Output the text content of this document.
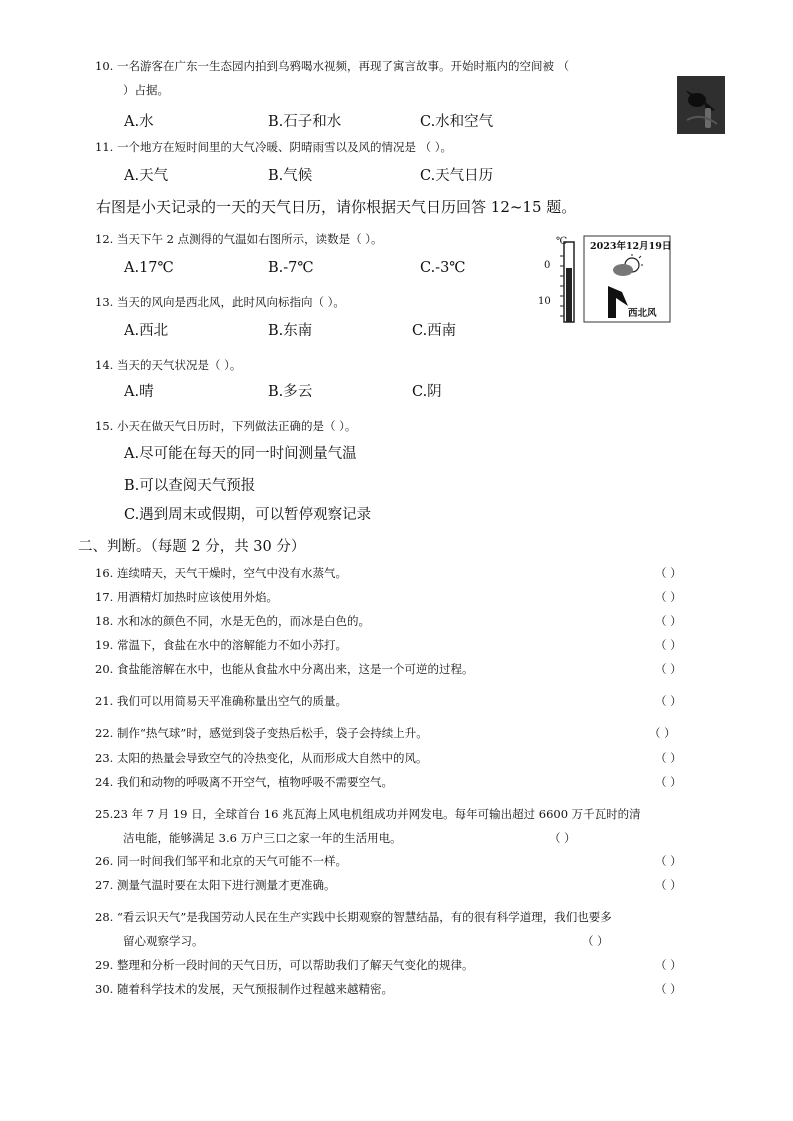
10. 一名游客在广东一生态园内拍到乌鸦喝水视频，再现了寓言故事。开始时瓶内的空间被 （
）占据。
A.水	B.石子和水	C.水和空气
11. 一个地方在短时间里的大气冷暖、阴晴雨雪以及风的情况是 （ ）。
A.天气	B.气候	C.天气日历
右图是小天记录的一天的天气日历，请你根据天气日历回答 12~15 题。
12. 当天下午 2 点测得的气温如右图所示，读数是（ ）。
A.17℃	B.-7℃	C.-3℃
℃
0
10
2023年12月19日
西北风
13. 当天的风向是西北风，此时风向标指向（ ）。
A.西北	B.东南	C.西南
14. 当天的天气状况是（ ）。
A.晴	B.多云	C.阴
15. 小天在做天气日历时，下列做法正确的是（ ）。
A.尽可能在每天的同一时间测量气温
B.可以查阅天气预报
C.遇到周末或假期，可以暂停观察记录
二、判断。（每题 2 分，共 30 分）
16. 连续晴天，天气干燥时，空气中没有水蒸气。	（ ）
17. 用酒精灯加热时应该使用外焰。	（ ）
18. 水和冰的颜色不同，水是无色的，而冰是白色的。	（ ）
19. 常温下，食盐在水中的溶解能力不如小苏打。	（ ）
20. 食盐能溶解在水中，也能从食盐水中分离出来，这是一个可逆的过程。	（ ）
21. 我们可以用简易天平准确称量出空气的质量。	（ ）
22. 制作“热气球”时，感觉到袋子变热后松手，袋子会持续上升。	（ ）
23. 太阳的热量会导致空气的冷热变化，从而形成大自然中的风。	（ ）
24. 我们和动物的呼吸离不开空气，植物呼吸不需要空气。	（ ）
25.23 年 7 月 19 日，全球首台 16 兆瓦海上风电机组成功并网发电。每年可输出超过 6600 万千瓦时的清
洁电能，能够满足 3.6 万户三口之家一年的生活用电。	（ ）
26. 同一时间我们邹平和北京的天气可能不一样。	（ ）
27. 测量气温时要在太阳下进行测量才更准确。	（ ）
28. “看云识天气”是我国劳动人民在生产实践中长期观察的智慧结晶，有的很有科学道理，我们也要多
留心观察学习。	（ ）
29. 整理和分析一段时间的天气日历，可以帮助我们了解天气变化的规律。	（ ）
30. 随着科学技术的发展，天气预报制作过程越来越精密。	（ ）
